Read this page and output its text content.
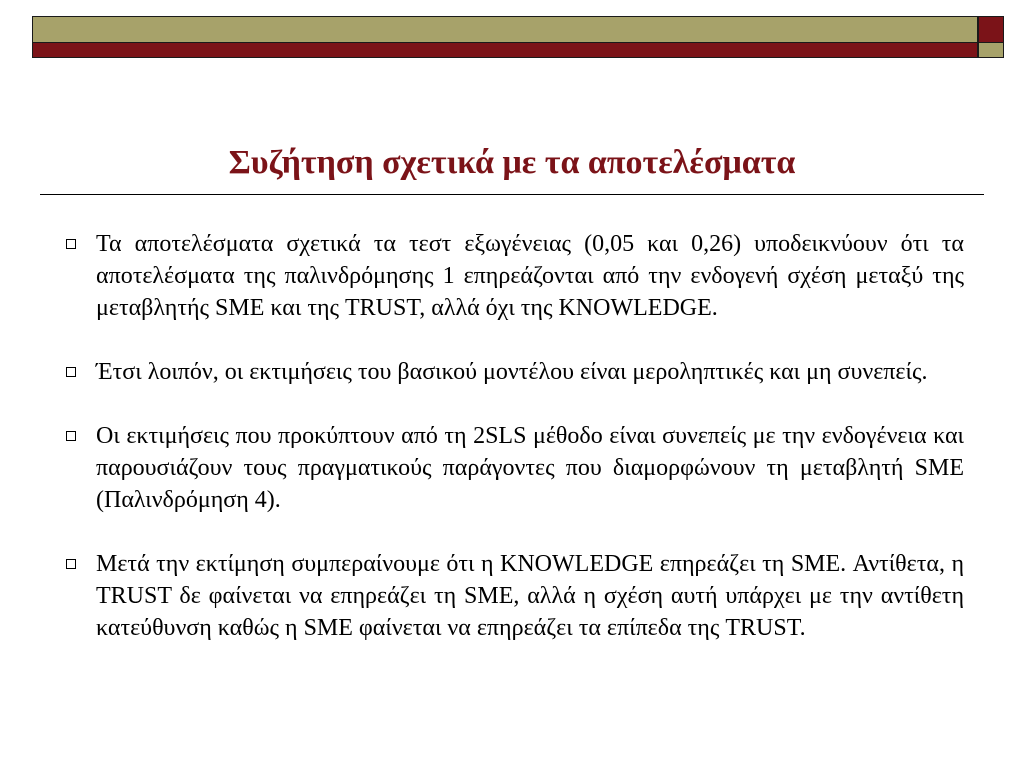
Συζήτηση σχετικά με τα αποτελέσματα
Τα αποτελέσματα σχετικά τα τεστ εξωγένειας (0,05 και 0,26) υποδεικνύουν ότι τα αποτελέσματα της παλινδρόμησης 1 επηρεάζονται από την ενδογενή σχέση μεταξύ της μεταβλητής SME και της TRUST, αλλά όχι της KNOWLEDGE.
Έτσι λοιπόν, οι εκτιμήσεις του βασικού μοντέλου είναι μεροληπτικές και μη συνεπείς.
Οι εκτιμήσεις που προκύπτουν από τη 2SLS μέθοδο είναι συνεπείς με την ενδογένεια και παρουσιάζουν τους πραγματικούς παράγοντες που διαμορφώνουν τη μεταβλητή SME (Παλινδρόμηση 4).
Μετά την εκτίμηση συμπεραίνουμε ότι η KNOWLEDGE επηρεάζει τη SME. Αντίθετα, η TRUST δε φαίνεται να επηρεάζει τη SME, αλλά η σχέση αυτή υπάρχει με την αντίθετη κατεύθυνση καθώς η SME φαίνεται να επηρεάζει τα επίπεδα της TRUST.
